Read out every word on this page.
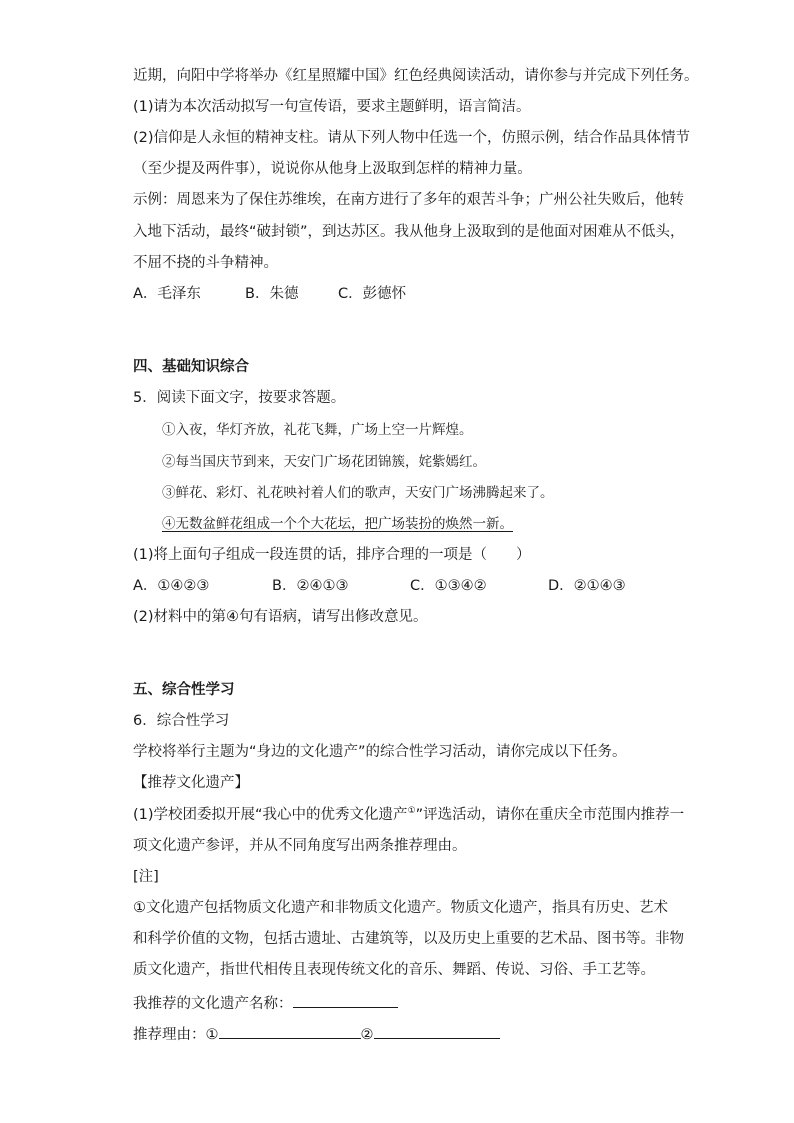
近期，向阳中学将举办《红星照耀中国》红色经典阅读活动，请你参与并完成下列任务。
(1)请为本次活动拟写一句宣传语，要求主题鲜明，语言简洁。
(2)信仰是人永恒的精神支柱。请从下列人物中任选一个，仿照示例，结合作品具体情节
（至少提及两件事），说说你从他身上汲取到怎样的精神力量。
示例：周恩来为了保住苏维埃，在南方进行了多年的艰苦斗争；广州公社失败后，他转
入地下活动，最终“破封锁”，到达苏区。我从他身上汲取到的是他面对困难从不低头，
不屈不挠的斗争精神。
A．毛泽东	B．朱德	C．彭德怀
四、基础知识综合
5．阅读下面文字，按要求答题。
①入夜，华灯齐放，礼花飞舞，广场上空一片辉煌。
②每当国庆节到来，天安门广场花团锦簇，姹紫嫣红。
③鲜花、彩灯、礼花映衬着人们的歌声，天安门广场沸腾起来了。
④无数盆鲜花组成一个个大花坛，把广场装扮的焕然一新。
(1)将上面句子组成一段连贯的话，排序合理的一项是（　　）
A．①④②③	B．②④①③	C．①③④②	D．②①④③
(2)材料中的第④句有语病，请写出修改意见。
五、综合性学习
6．综合性学习
学校将举行主题为“身边的文化遗产”的综合性学习活动，请你完成以下任务。
【推荐文化遗产】
(1)学校团委拟开展“我心中的优秀文化遗产①”评选活动，请你在重庆全市范围内推荐一
项文化遗产参评，并从不同角度写出两条推荐理由。
[注]
①文化遗产包括物质文化遗产和非物质文化遗产。物质文化遗产，指具有历史、艺术
和科学价值的文物，包括古遗址、古建筑等，以及历史上重要的艺术品、图书等。非物
质文化遗产，指世代相传且表现传统文化的音乐、舞蹈、传说、习俗、手工艺等。
我推荐的文化遗产名称：
推荐理由：①	②
